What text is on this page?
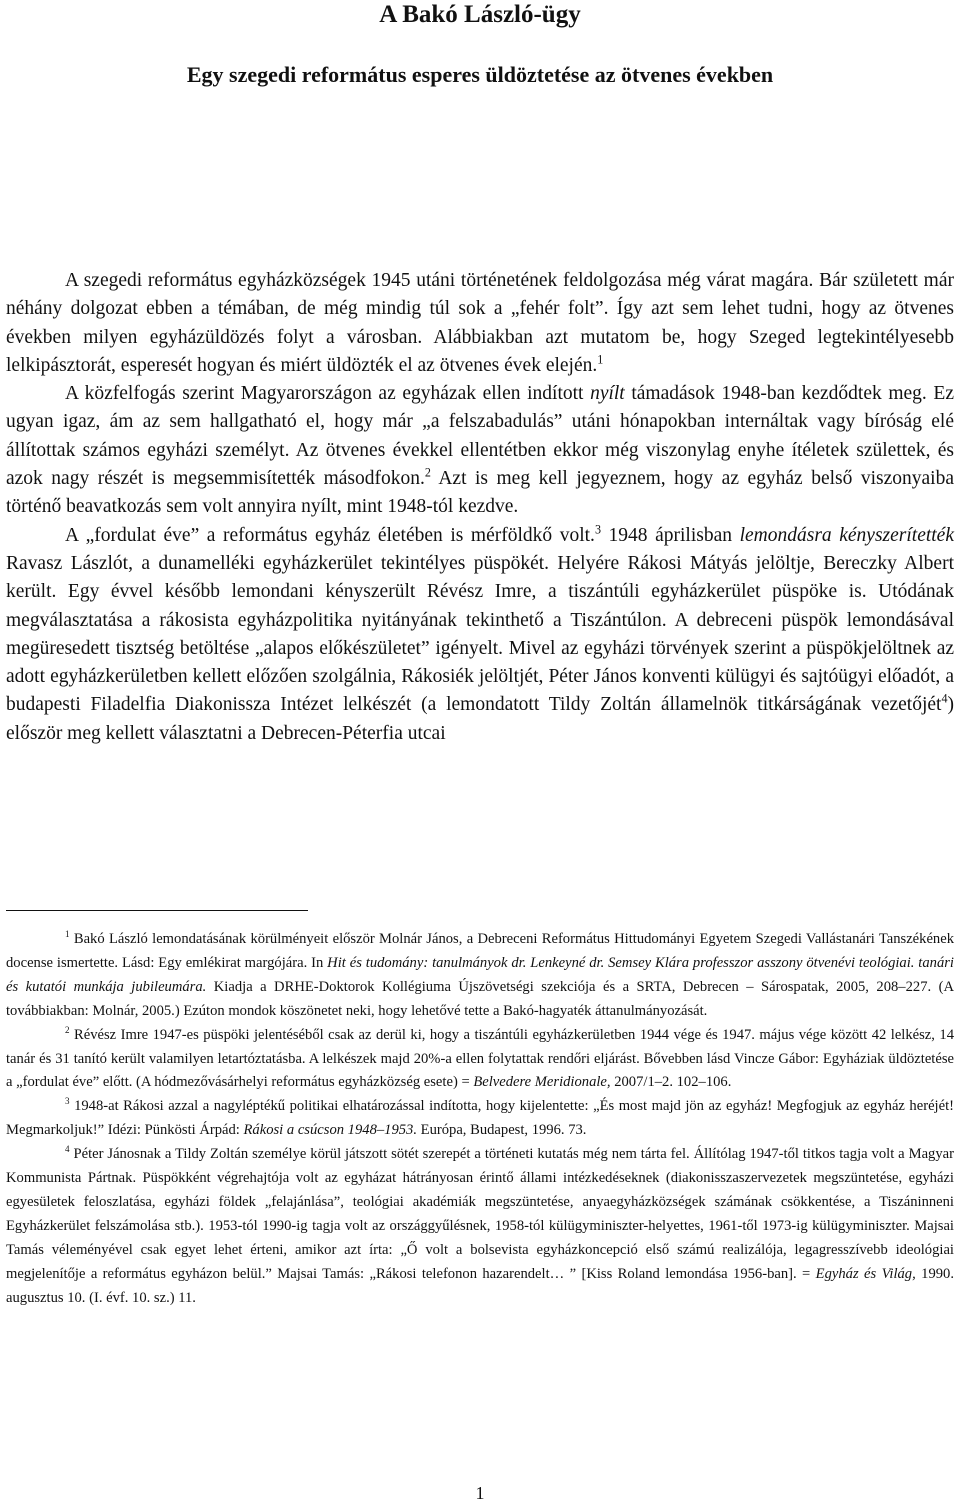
A Bakó László-ügy
Egy szegedi református esperes üldöztetése az ötvenes években

A szegedi református egyházközségek 1945 utáni történetének feldolgozása még várat magára. Bár született már néhány dolgozat ebben a témában, de még mindig túl sok a „fehér folt”. Így azt sem lehet tudni, hogy az ötvenes években milyen egyházüldözés folyt a városban. Alábbiakban azt mutatom be, hogy Szeged legtekintélyesebb lelkipásztorát, esperesét hogyan és miért üldözték el az ötvenes évek elején.$^1$

A közfelfogás szerint Magyarországon az egyházak ellen indított nyílt támadások 1948-ban kezdődtek meg. Ez ugyan igaz, ám az sem hallgatható el, hogy már „a felszabadulás” utáni hónapokban internáltak vagy bíróság elé állítottak számos egyházi személyt. Az ötvenes évekkel ellentétben ekkor még viszonylag enyhe ítéletek születtek, és azok nagy részét is megsemmisítették másodfokon.$^2$ Azt is meg kell jegyeznem, hogy az egyház belső viszonyaiba történő beavatkozás sem volt annyira nyílt, mint 1948-tól kezdve.

A „fordulat éve” a református egyház életében is mérföldkő volt.$^3$ 1948 áprilisban lemondásra kényszerítették Ravasz Lászlót, a dunamelléki egyházkerület tekintélyes püspökét. Helyére Rákosi Mátyás jelöltje, Bereczky Albert került. Egy évvel később lemondani kényszerült Révész Imre, a tiszántúli egyházkerület püspöke is. Utódának megválasztatása a rákosista egyházpolitika nyitányának tekinthető a Tiszántúlon. A debreceni püspök lemondásával megüresedett tisztség betöltése „alapos előkészületet” igényelt. Mivel az egyházi törvények szerint a püspökjelöltnek az adott egyházkerületben kellett előzően szolgálnia, Rákosiék jelöltjét, Péter János konventi külügyi és sajtóügyi előadót, a budapesti Filadelfia Diakonissza Intézet lelkészét (a lemondatott Tildy Zoltán államelnök titkárságának vezetőjét$^4$) először meg kellett választatni a Debrecen-Péterfia utcai

$^1$ Bakó László lemondatásának körülményeit először Molnár János, a Debreceni Református Hittudományi Egyetem Szegedi Vallástanári Tanszékének docense ismertette. Lásd: Egy emlékirat margójára. In Hit és tudomány: tanulmányok dr. Lenkeyné dr. Semsey Klára professzor asszony ötvenévi teológiai. tanári és kutatói munkája jubileumára. Kiadja a DRHE-Doktorok Kollégiuma Újszövetségi szekciója és a SRTA, Debrecen – Sárospatak, 2005, 208–227. (A továbbiakban: Molnár, 2005.) Ezúton mondok köszönetet neki, hogy lehetővé tette a Bakó-hagyaték áttanulmányozását.

$^2$ Révész Imre 1947-es püspöki jelentéséből csak az derül ki, hogy a tiszántúli egyházkerületben 1944 vége és 1947. május vége között 42 lelkész, 14 tanár és 31 tanító került valamilyen letartóztatásba. A lelkészek majd 20%-a ellen folytattak rendőri eljárást. Bővebben lásd Vincze Gábor: Egyháziak üldöztetése a „fordulat éve” előtt. (A hódmezővásárhelyi református egyházközség esete) = Belvedere Meridionale, 2007/1–2. 102–106.

$^3$ 1948-at Rákosi azzal a nagyléptékű politikai elhatározással indította, hogy kijelentette: „És most majd jön az egyház! Megfogjuk az egyház heréjét! Megmarkoljuk!” Idézi: Pünkösti Árpád: Rákosi a csúcson 1948–1953. Európa, Budapest, 1996. 73.

$^4$ Péter Jánosnak a Tildy Zoltán személye körül játszott sötét szerepét a történeti kutatás még nem tárta fel. Állítólag 1947-től titkos tagja volt a Magyar Kommunista Pártnak. Püspökként végrehajtója volt az egyházat hátrányosan érintő állami intézkedéseknek (diakonisszaszervezetek megszüntetése, egyházi egyesületek feloszlatása, egyházi földek „felajánlása”, teológiai akadémiák megszüntetése, anyaegyházközségek számának csökkentése, a Tiszáninneni Egyházkerület felszámolása stb.). 1953-tól 1990-ig tagja volt az országgyűlésnek, 1958-tól külügyminiszter-helyettes, 1961-től 1973-ig külügyminiszter. Majsai Tamás véleményével csak egyet lehet érteni, amikor azt írta: „Ő volt a bolsevista egyházkoncepció első számú realizálója, legagresszívebb ideológiai megjelenítője a református egyházon belül.” Majsai Tamás: „Rákosi telefonon hazarendelt… ” [Kiss Roland lemondása 1956-ban]. = Egyház és Világ, 1990. augusztus 10. (I. évf. 10. sz.) 11.

1
